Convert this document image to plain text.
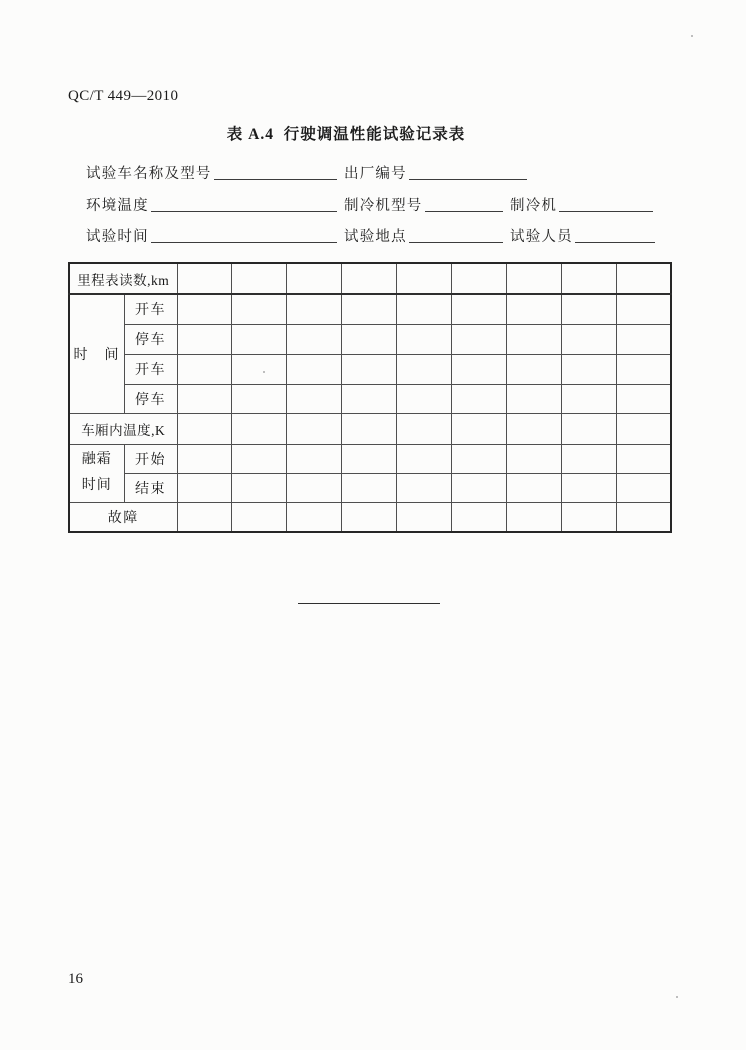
QC/T 449—2010
表 A.4  行驶调温性能试验记录表
试验车名称及型号	出厂编号
环境温度	制冷机型号	制冷机
试验时间	试验地点	试验人员
里程表读数,km										
时　间	开车									
	停车									
	开车									
	停车									
车厢内温度,K										
融霜
时间	开始									
	结束									
故障										
16
